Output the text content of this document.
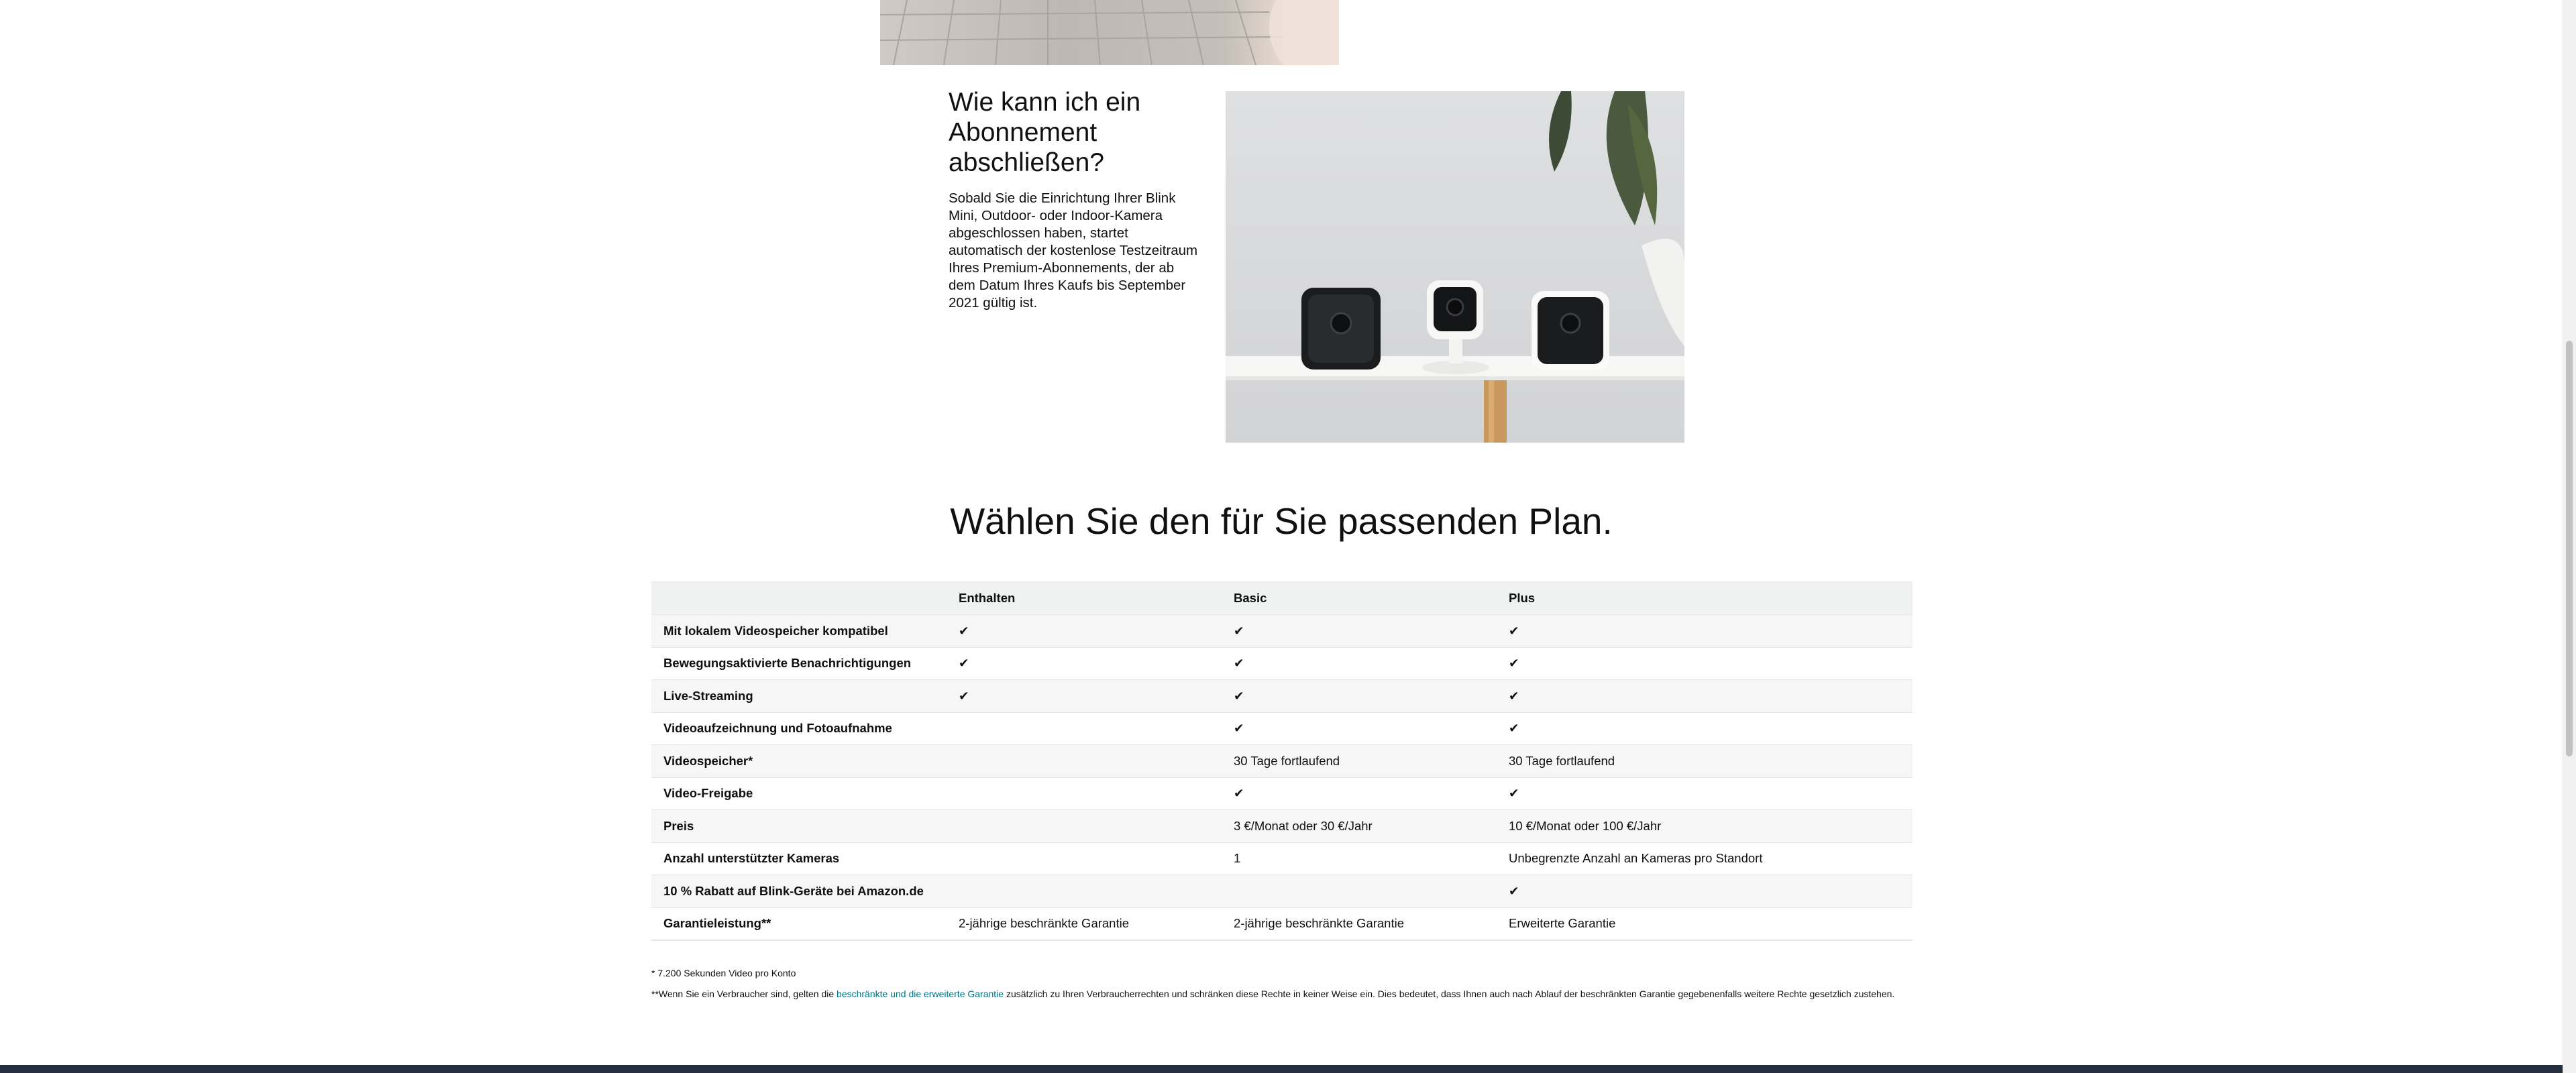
Wie kann ich ein Abonnement abschließen?

Sobald Sie die Einrichtung Ihrer Blink Mini, Outdoor- oder Indoor-Kamera abgeschlossen haben, startet automatisch der kostenlose Testzeitraum Ihres Premium-Abonnements, der ab dem Datum Ihres Kaufs bis September 2021 gültig ist.

Wählen Sie den für Sie passenden Plan.
	Enthalten	Basic	Plus
Mit lokalem Videospeicher kompatibel	✔	✔	✔
Bewegungsaktivierte Benachrichtigungen	✔	✔	✔
Live-Streaming	✔	✔	✔
Videoaufzeichnung und Fotoaufnahme		✔	✔
Videospeicher*		30 Tage fortlaufend	30 Tage fortlaufend
Video-Freigabe		✔	✔
Preis		3 €/Monat oder 30 €/Jahr	10 €/Monat oder 100 €/Jahr
Anzahl unterstützter Kameras		1	Unbegrenzte Anzahl an Kameras pro Standort
10 % Rabatt auf Blink-Geräte bei Amazon.de			✔
Garantieleistung**	2-jährige beschränkte Garantie	2-jährige beschränkte Garantie	Erweiterte Garantie

* 7.200 Sekunden Video pro Konto

**Wenn Sie ein Verbraucher sind, gelten die beschränkte und die erweiterte Garantie zusätzlich zu Ihren Verbraucherrechten und schränken diese Rechte in keiner Weise ein. Dies bedeutet, dass Ihnen auch nach Ablauf der beschränkten Garantie gegebenenfalls weitere Rechte gesetzlich zustehen.
